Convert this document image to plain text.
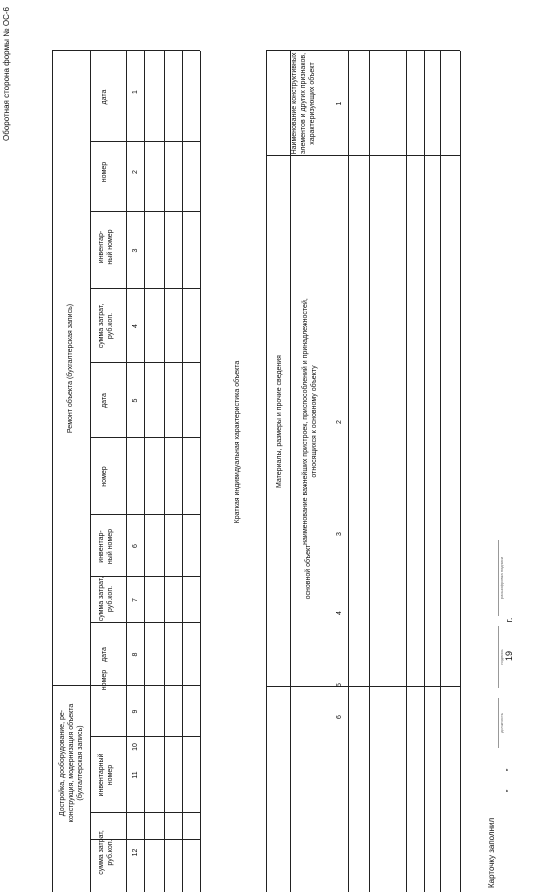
Оборотная сторона формы № ОС-6
Достройка, дооборудование, ре-
конструкция, модернизация объекта
(бухгалтерская запись)
Ремонт объекта (бухгалтерская запись)
дата
номер
инвентар-
ный номер
сумма затрат,
руб.коп.
дата
номер
инвентар-
ный номер
сумма затрат,
руб.коп.
дата
номер
инвентарный
номер
сумма затрат,
руб.коп.
1
2
3
4
5
6
7
8
9
10
11
12
Краткая индивидуальная характеристика объекта
Наименование конструктивных
элементов и других признаков,
характеризующих объект
Материалы, размеры и прочие сведения
основной объект
наименование важнейших пристроек, приспособлений и принадлежностей,
относящихся к основному объекту
1
2
3
4
5
6
Карточку заполнил
должность
подпись
расшифровка подписи
"
"
19
г.
